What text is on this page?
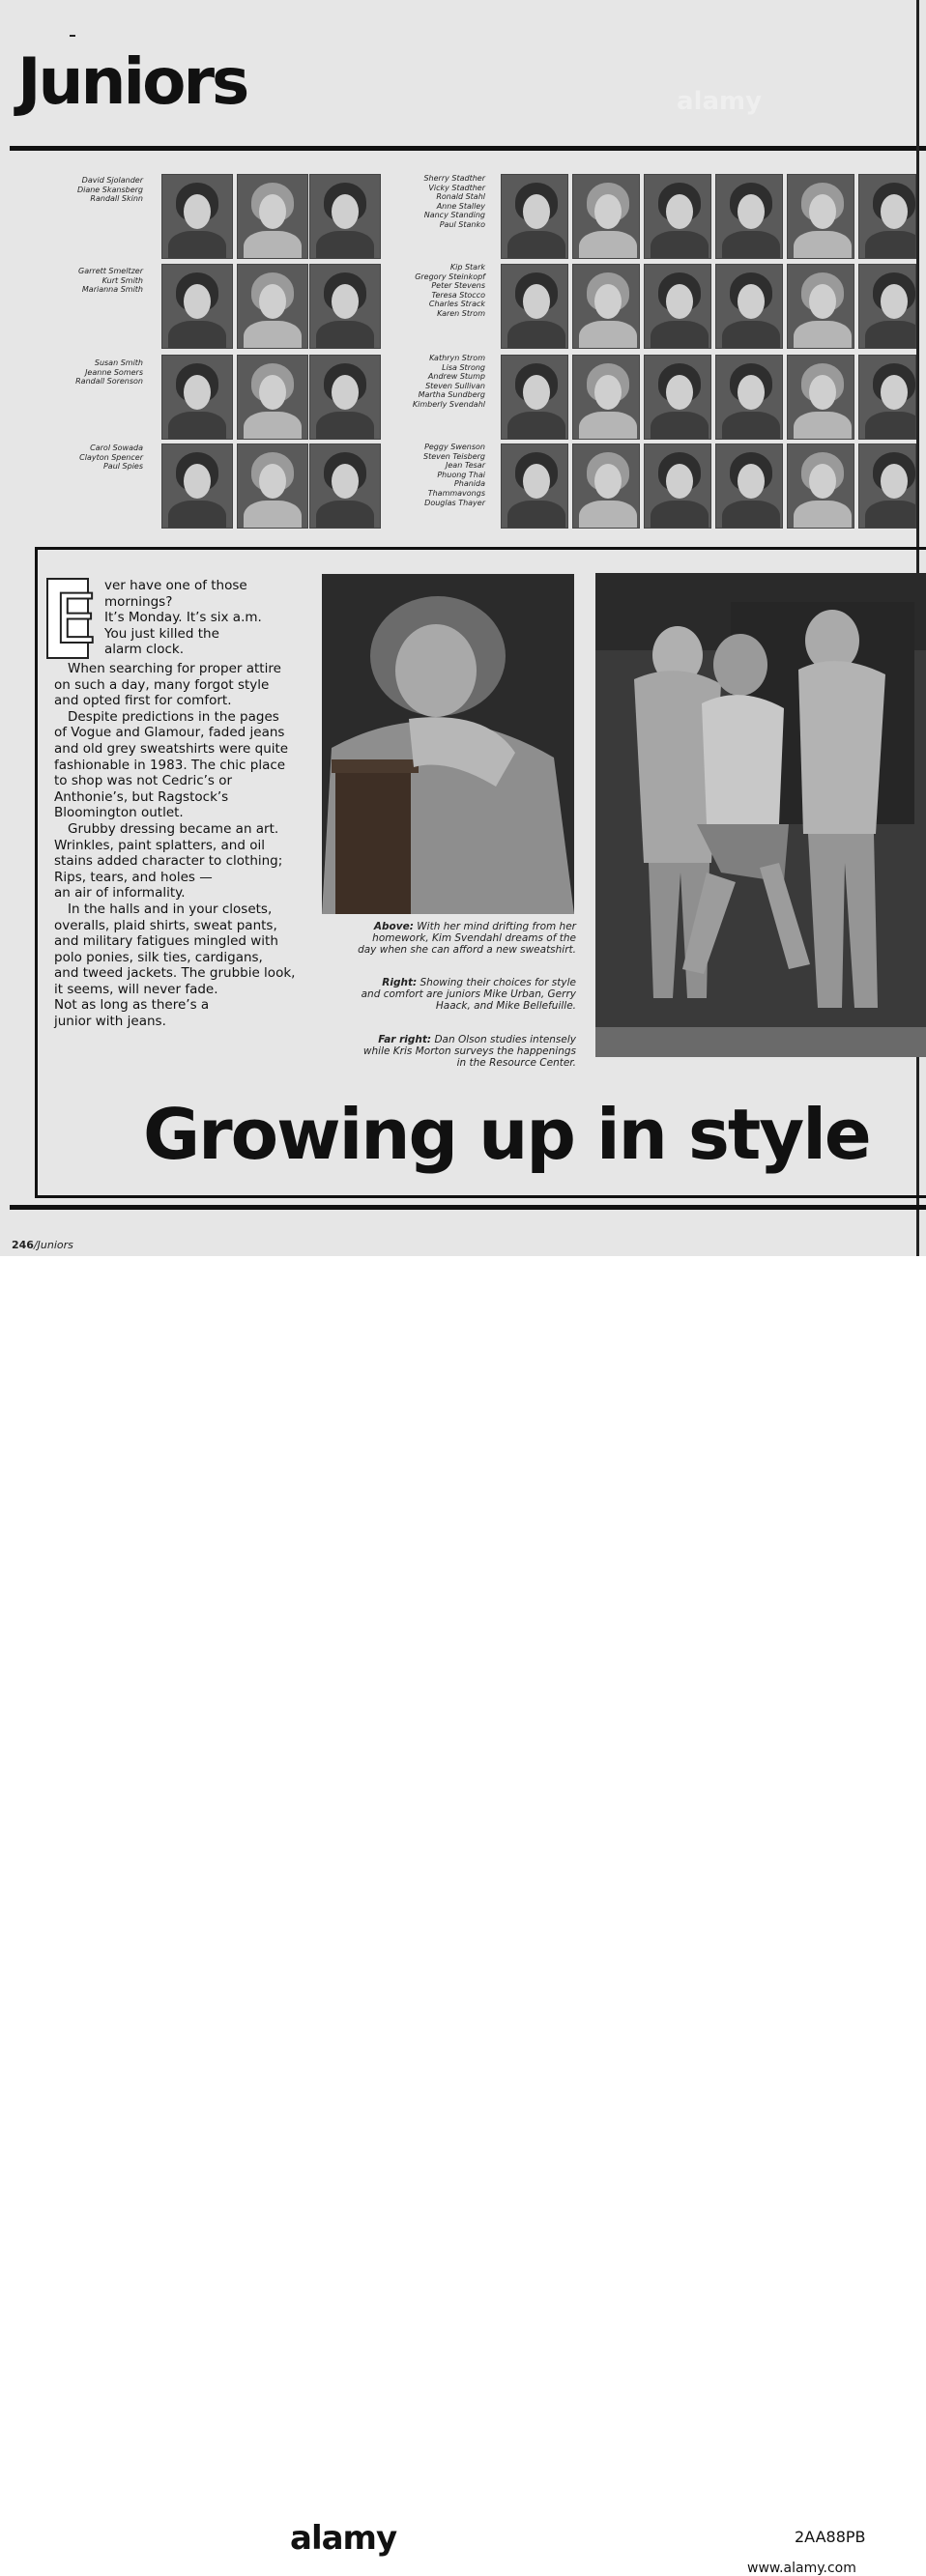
Juniors	alamy
David Sjolander
Diane Skansberg
Randall Skinn
Garrett Smeltzer
Kurt Smith
Marianna Smith
Susan Smith
Jeanne Somers
Randall Sorenson
Carol Sowada
Clayton Spencer
Paul Spies
Sherry Stadther
Vicky Stadther
Ronald Stahl
Anne Stalley
Nancy Standing
Paul Stanko
Kip Stark
Gregory Steinkopf
Peter Stevens
Teresa Stocco
Charles Strack
Karen Strom
Kathryn Strom
Lisa Strong
Andrew Stump
Steven Sullivan
Martha Sundberg
Kimberly Svendahl
Peggy Swenson
Steven Teisberg
Jean Tesar
Phuong Thai
Phanida
Thammavongs
Douglas Thayer
E ver have one of those
mornings?
It’s Monday. It’s six a.m.
You just killed the
alarm clock.
When searching for proper attire
on such a day, many forgot style
and opted first for comfort.
Despite predictions in the pages
of Vogue and Glamour, faded jeans
and old grey sweatshirts were quite
fashionable in 1983. The chic place
to shop was not Cedric’s or
Anthonie’s, but Ragstock’s
Bloomington outlet.
Grubby dressing became an art.
Wrinkles, paint splatters, and oil
stains added character to clothing;
Rips, tears, and holes —
an air of informality.
In the halls and in your closets,
overalls, plaid shirts, sweat pants,
and military fatigues mingled with
polo ponies, silk ties, cardigans,
and tweed jackets. The grubbie look,
it seems, will never fade.
Not as long as there’s a
junior with jeans.
Above: With her mind drifting from her
homework, Kim Svendahl dreams of the
day when she can afford a new sweatshirt.
Right: Showing their choices for style
and comfort are juniors Mike Urban, Gerry
Haack, and Mike Bellefuille.
Far right: Dan Olson studies intensely
while Kris Morton surveys the happenings
in the Resource Center.
Growing up in style
246/Juniors
alamy	2AA88PB
www.alamy.com
